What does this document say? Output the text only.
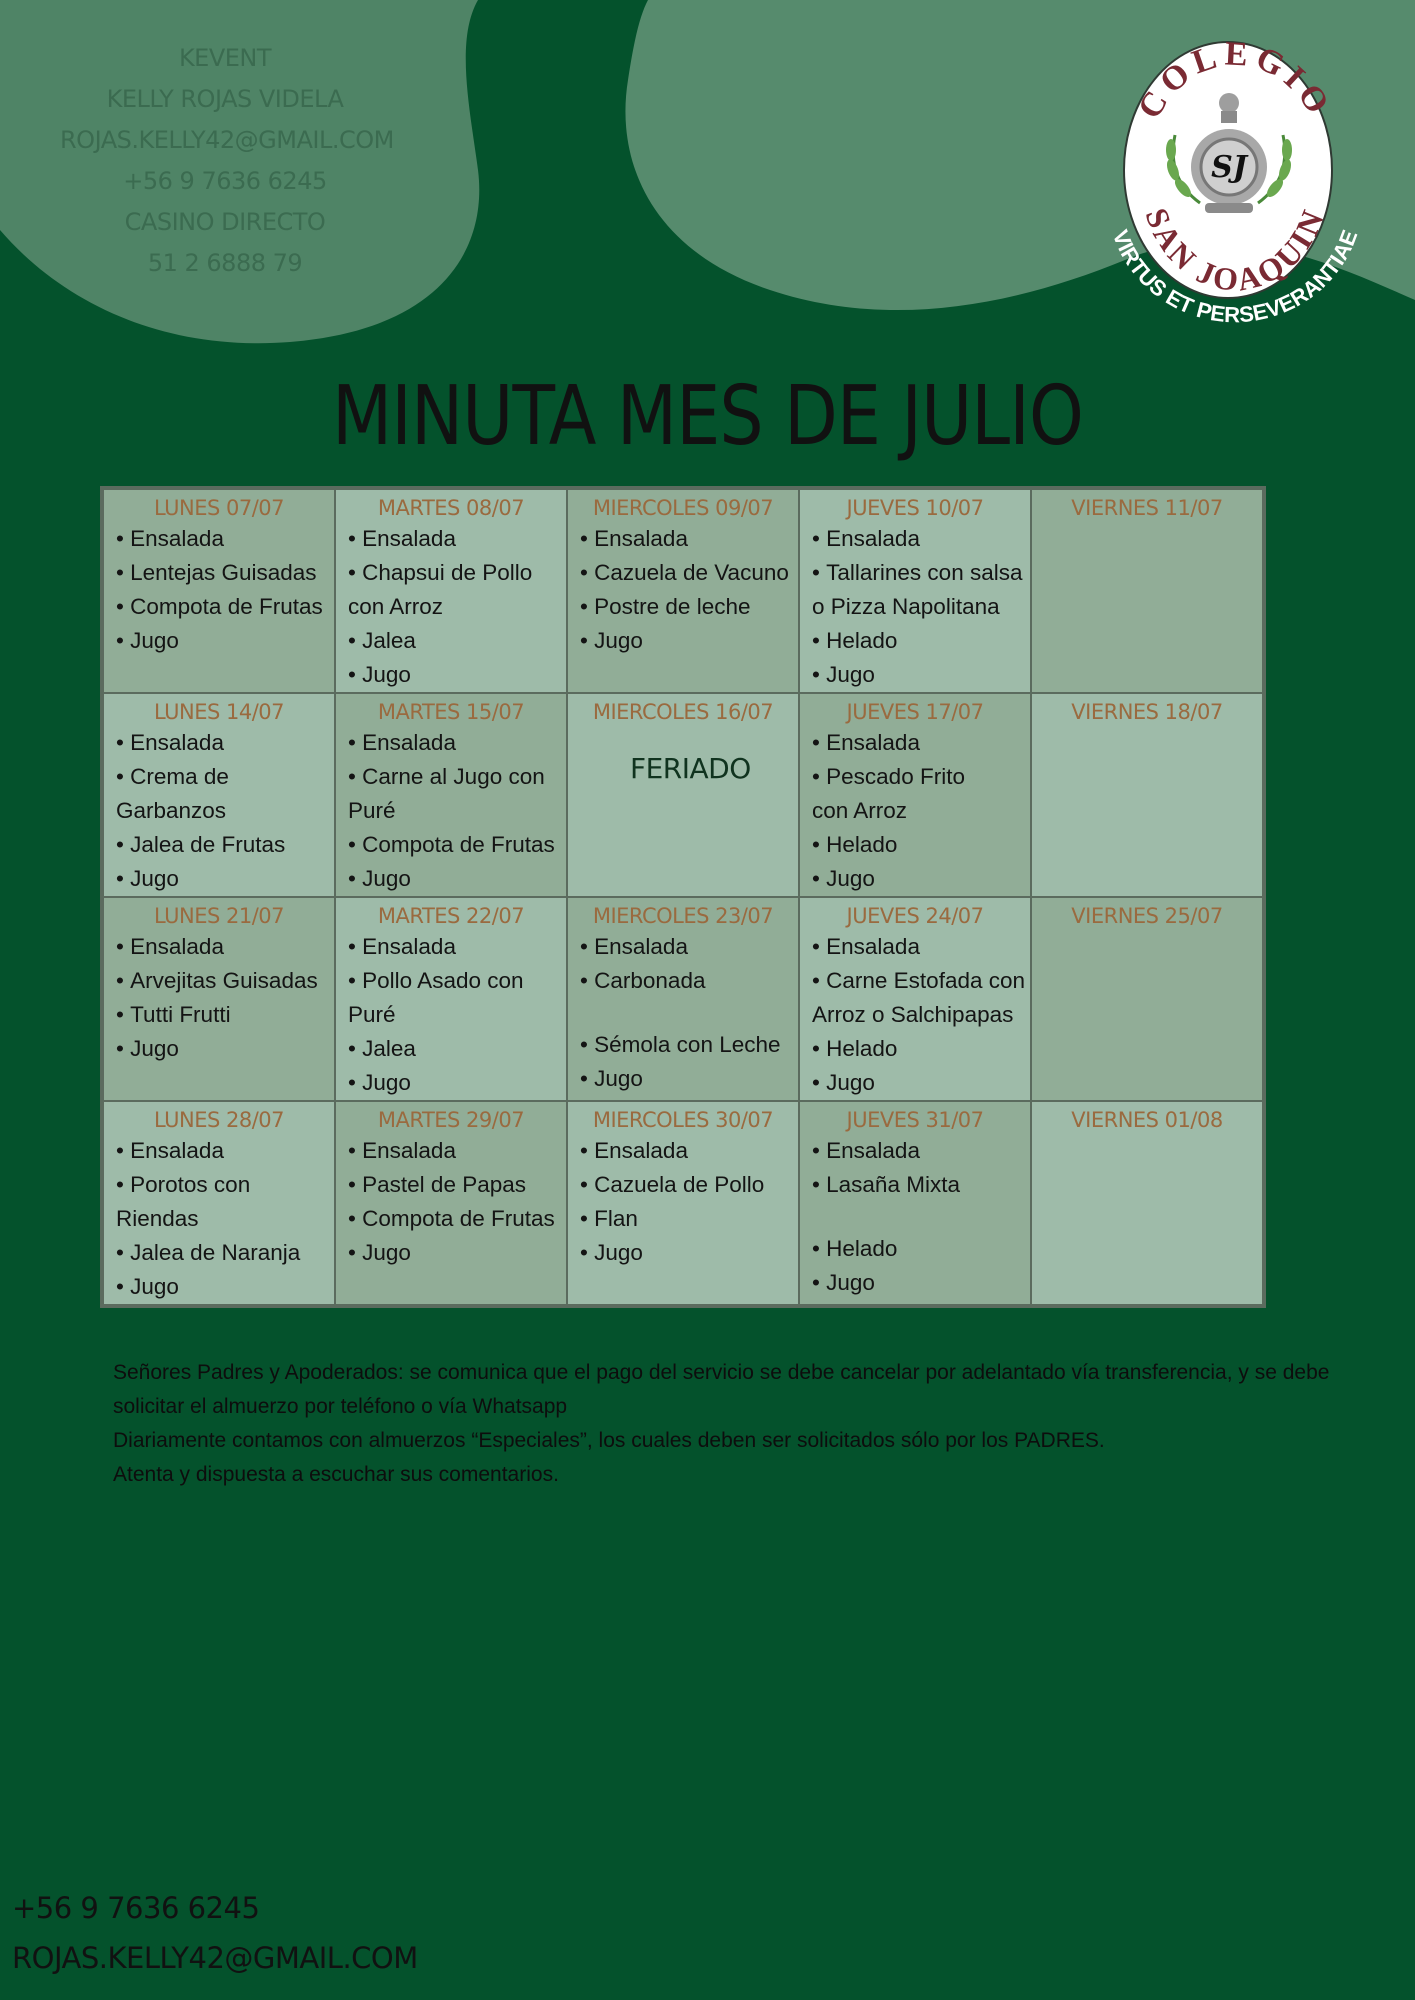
KEVENT
KELLY ROJAS VIDELA
ROJAS.KELLY42@GMAIL.COM
+56 9 7636 6245
CASINO DIRECTO
51 2 6888 79
COLEGIO
SAN JOAQUIN
SJ
VIRTUS ET PERSEVERANTIAE
MINUTA MES DE JULIO
LUNES 07/07
• Ensalada
• Lentejas Guisadas
• Compota de Frutas
• Jugo
MARTES 08/07
• Ensalada
• Chapsui de Pollo
con Arroz
• Jalea
• Jugo
MIERCOLES 09/07
• Ensalada
• Cazuela de Vacuno
• Postre de leche
• Jugo
JUEVES 10/07
• Ensalada
• Tallarines con salsa
o Pizza Napolitana
• Helado
• Jugo
VIERNES 11/07
LUNES 14/07
• Ensalada
• Crema de
Garbanzos
• Jalea de Frutas
• Jugo
MARTES 15/07
• Ensalada
• Carne al Jugo con
Puré
• Compota de Frutas
• Jugo
MIERCOLES 16/07
FERIADO
JUEVES 17/07
• Ensalada
• Pescado Frito
con Arroz
• Helado
• Jugo
VIERNES 18/07
LUNES 21/07
• Ensalada
• Arvejitas Guisadas
• Tutti Frutti
• Jugo
MARTES 22/07
• Ensalada
• Pollo Asado con
Puré
• Jalea
• Jugo
MIERCOLES 23/07
• Ensalada
• Carbonada
• Sémola con Leche
• Jugo
JUEVES 24/07
• Ensalada
• Carne Estofada con
Arroz o Salchipapas
• Helado
• Jugo
VIERNES 25/07
LUNES 28/07
• Ensalada
• Porotos con
Riendas
• Jalea de Naranja
• Jugo
MARTES 29/07
• Ensalada
• Pastel de Papas
• Compota de Frutas
• Jugo
MIERCOLES 30/07
• Ensalada
• Cazuela de Pollo
• Flan
• Jugo
JUEVES 31/07
• Ensalada
• Lasaña Mixta
• Helado
• Jugo
VIERNES 01/08

Señores Padres y Apoderados: se comunica que el pago del servicio se debe cancelar por adelantado vía transferencia, y se debe solicitar el almuerzo por teléfono o vía Whatsapp

Diariamente contamos con almuerzos “Especiales”, los cuales deben ser solicitados sólo por los PADRES.

Atenta y dispuesta a escuchar sus comentarios.

+56 9 7636 6245
ROJAS.KELLY42@GMAIL.COM
